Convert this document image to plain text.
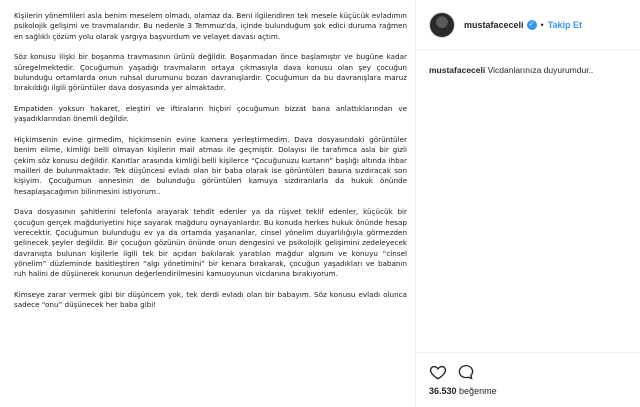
Kişilerin yönemlileri asla benim meselem olmadı, olamaz da. Beni ilgilendiren tek mesele küçücük evladımın psikolojik gelişimi ve travmalarıdır. Bu nedenle 3 Temmuz'da, içinde bulunduğum şok edici duruma rağmen en sağlıklı çözüm yolu olarak yargıya başvurdum ve velayet davası açtım.

Söz konusu ilişki bir boşanma travmasının ürünü değildir. Boşanmadan önce başlamıştır ve bugüne kadar süregelmektedir. Çocuğumun yaşadığı travmaların ortaya çıkmasıyla dava konusu olan şey çocuğun bulunduğu ortamlarda onun ruhsal durumunu bozan davranışlardır. Çocuğumun da bu davranışlara maruz bırakıldığı ilgili görüntüler dava dosyasında yer almaktadır.

Empatiden yoksun hakaret, eleştiri ve iftiraların hiçbiri çocuğumun bizzat bana anlattıklarından ve yaşadıklarından önemli değildir.

Hiçkimsenin evine girmedim, hiçkimsenin evine kamera yerleştirmedim. Dava dosyasındaki görüntüler benim elime, kimliği belli olmayan kişilerin mail atması ile geçmiştir. Dolayısı ile tarafımca asla bir gizli çekim söz konusu değildir. Kanıtlar arasında kimliği belli kişilerce “Çocuğunuzu kurtarın” başlığı altında ihbar mailleri de bulunmaktadır. Tek düşüncesi evladı olan bir baba olarak ise görüntüleri basına sızdıracak son kişiyim. Çocuğumun annesinin de bulunduğu görüntüleri kamuya sızdıranlarla da hukuk önünde hesaplaşacağımın bilinmesini istiyorum..

Dava dosyasının şahitlerini telefonla arayarak tehdit edenler ya da rüşvet teklif edenler, küçücük bir çocuğun gerçek mağduriyetini hiçe sayarak mağduru oynayanlardır. Bu konuda herkes hukuk önünde hesap verecektir. Çocuğumun bulunduğu ev ya da ortamda yaşananlar, cinsel yönelim duyarlılığıyla görmezden gelinecek şeyler değildir. Bir çocuğun gözünün önünde onun dengesini ve psikolojik gelişimini zedeleyecek davranışta bulunan kişilerle ilgili tek bir açıdan bakılarak yaratılan mağdur algısını ve konuyu “cinsel yönelim” düzleminde basitleştiren “algı yönetimini” bir kenara bırakarak, çocuğun yaşadıkları ve babanın ruh halini de düşünerek konunun değerlendirilmesini kamuoyunun vicdanına bırakıyorum.

Kimseye zarar vermek gibi bir düşüncem yok, tek derdi evladı olan bir babayım. Söz konusu evladı olunca sadece “onu” düşünecek her baba gibi!

mustafaceceli ✓ • Takip Et
mustafaceceli Vicdanlarınıza duyurumdur..
36.530 beğenme
